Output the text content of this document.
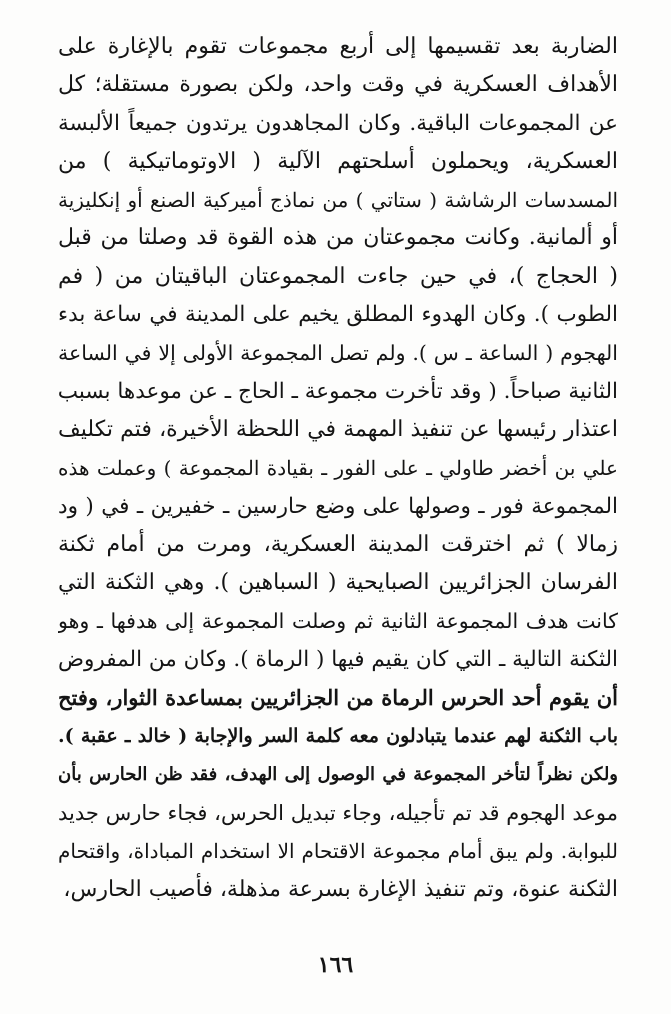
الضاربة بعد تقسيمها إلى أربع مجموعات تقوم بالإغارة على
الأهداف العسكرية في وقت واحد، ولكن بصورة مستقلة؛ كل
عن المجموعات الباقية. وكان المجاهدون يرتدون جميعاً الألبسة
العسكرية، ويحملون أسلحتهم الآلية ( الاوتوماتيكية ) من
المسدسات الرشاشة ( ستاتي ) من نماذج أميركية الصنع أو إنكليزية
أو ألمانية. وكانت مجموعتان من هذه القوة قد وصلتا من قبل
( الحجاج )، في حين جاءت المجموعتان الباقيتان من ( فم
الطوب ). وكان الهدوء المطلق يخيم على المدينة في ساعة بدء
الهجوم ( الساعة ـ س ). ولم تصل المجموعة الأولى إلا في الساعة
الثانية صباحاً. ( وقد تأخرت مجموعة ـ الحاج ـ عن موعدها بسبب
اعتذار رئيسها عن تنفيذ المهمة في اللحظة الأخيرة، فتم تكليف
علي بن أخضر طاولي ـ على الفور ـ بقيادة المجموعة ) وعملت هذه
المجموعة فور ـ وصولها على وضع حارسين ـ خفيرين ـ في ( ود
زمالا ) ثم اخترقت المدينة العسكرية، ومرت من أمام ثكنة
الفرسان الجزائريين الصبايحية ( السباهين ). وهي الثكنة التي
كانت هدف المجموعة الثانية ثم وصلت المجموعة إلى هدفها ـ وهو
الثكنة التالية ـ التي كان يقيم فيها ( الرماة ). وكان من المفروض
أن يقوم أحد الحرس الرماة من الجزائريين بمساعدة الثوار، وفتح
باب الثكنة لهم عندما يتبادلون معه كلمة السر والإجابة ( خالد ـ عقبة ).
ولكن نظراً لتأخر المجموعة في الوصول إلى الهدف، فقد ظن الحارس بأن
موعد الهجوم قد تم تأجيله، وجاء تبديل الحرس، فجاء حارس جديد
للبوابة. ولم يبق أمام مجموعة الاقتحام الا استخدام المباداة، واقتحام
الثكنة عنوة، وتم تنفيذ الإغارة بسرعة مذهلة، فأصيب الحارس،
١٦٦
